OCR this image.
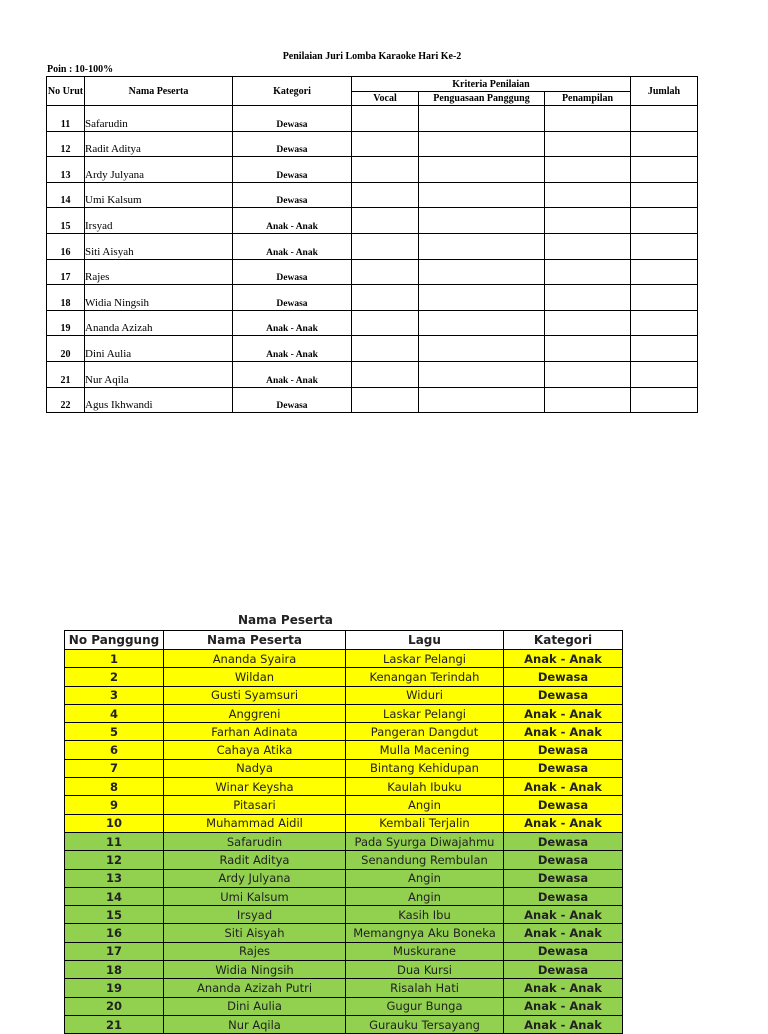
Penilaian Juri Lomba Karaoke Hari Ke-2
Poin : 10-100%
No Urut	Nama Peserta	Kategori	Kriteria Penilaian			Jumlah
			Vocal	Penguasaan Panggung	Penampilan	
11	Safarudin	Dewasa				
12	Radit Aditya	Dewasa				
13	Ardy Julyana	Dewasa				
14	Umi Kalsum	Dewasa				
15	Irsyad	Anak - Anak				
16	Siti Aisyah	Anak - Anak				
17	Rajes	Dewasa				
18	Widia Ningsih	Dewasa				
19	Ananda Azizah	Anak - Anak				
20	Dini Aulia	Anak - Anak				
21	Nur Aqila	Anak - Anak				
22	Agus Ikhwandi	Dewasa				
Nama Peserta
No Panggung	Nama Peserta	Lagu	Kategori
1	Ananda Syaira	Laskar Pelangi	Anak - Anak
2	Wildan	Kenangan Terindah	Dewasa
3	Gusti Syamsuri	Widuri	Dewasa
4	Anggreni	Laskar Pelangi	Anak - Anak
5	Farhan Adinata	Pangeran Dangdut	Anak - Anak
6	Cahaya Atika	Mulla Macening	Dewasa
7	Nadya	Bintang Kehidupan	Dewasa
8	Winar Keysha	Kaulah Ibuku	Anak - Anak
9	Pitasari	Angin	Dewasa
10	Muhammad Aidil	Kembali Terjalin	Anak - Anak
11	Safarudin	Pada Syurga Diwajahmu	Dewasa
12	Radit Aditya	Senandung Rembulan	Dewasa
13	Ardy Julyana	Angin	Dewasa
14	Umi Kalsum	Angin	Dewasa
15	Irsyad	Kasih Ibu	Anak - Anak
16	Siti Aisyah	Memangnya Aku Boneka	Anak - Anak
17	Rajes	Muskurane	Dewasa
18	Widia Ningsih	Dua Kursi	Dewasa
19	Ananda Azizah Putri	Risalah Hati	Anak - Anak
20	Dini Aulia	Gugur Bunga	Anak - Anak
21	Nur Aqila	Gurauku Tersayang	Anak - Anak
